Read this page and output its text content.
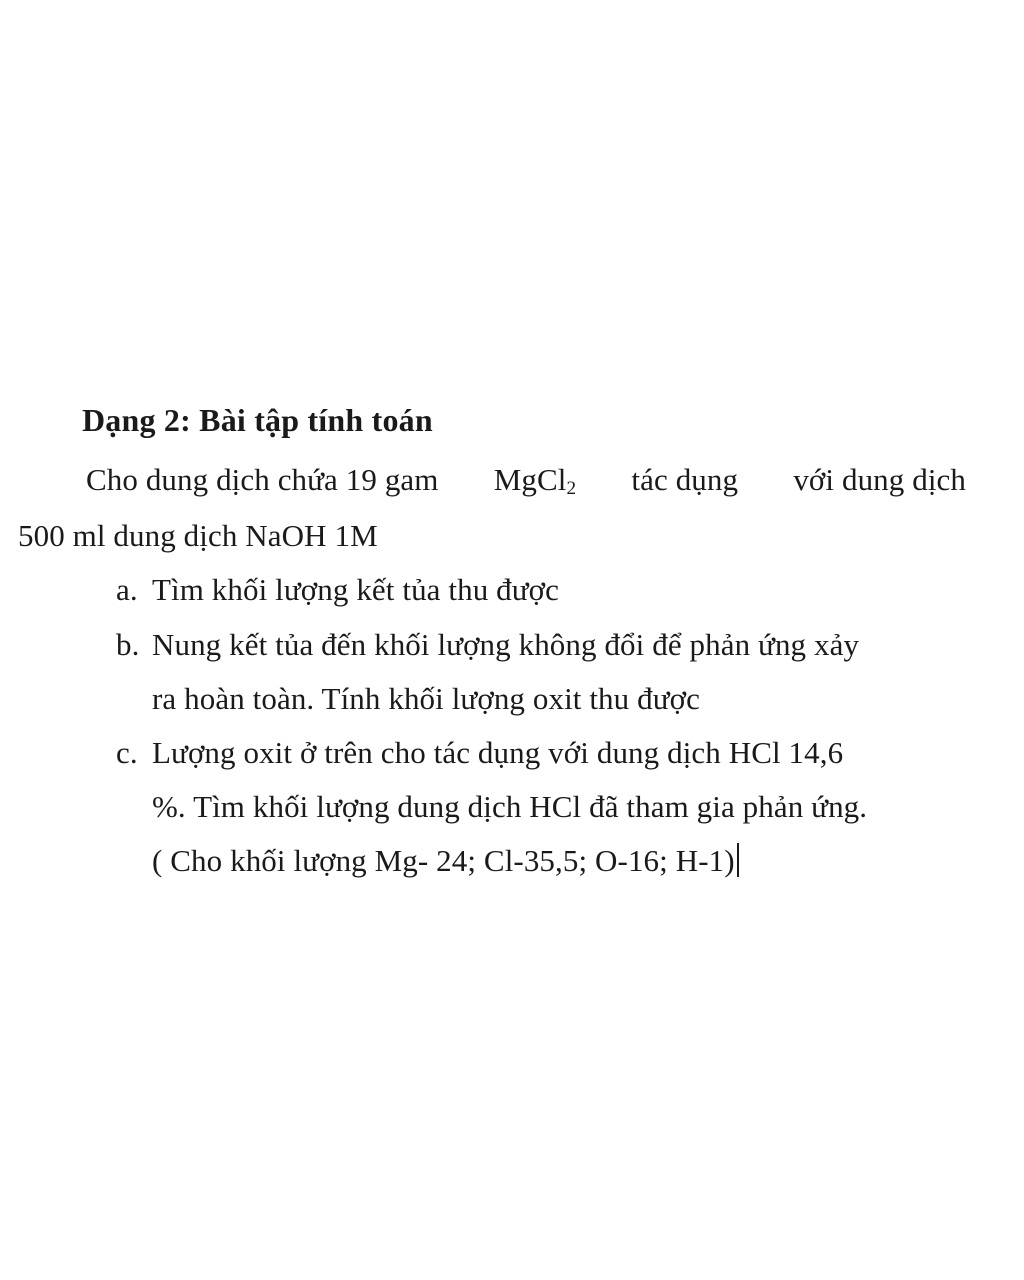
Dạng 2: Bài tập tính toán
Cho dung dịch chứa 19 gam MgCl$_2$ tác dụng với dung dịch
500 ml dung dịch NaOH 1M
a. Tìm khối lượng kết tủa thu được
b. Nung kết tủa đến khối lượng không đổi để phản ứng xảy
ra hoàn toàn. Tính khối lượng oxit thu được
c. Lượng oxit ở trên cho tác dụng với dung dịch HCl 14,6
%. Tìm khối lượng dung dịch HCl đã tham gia phản ứng.
( Cho khối lượng Mg- 24; Cl-35,5; O-16; H-1)
